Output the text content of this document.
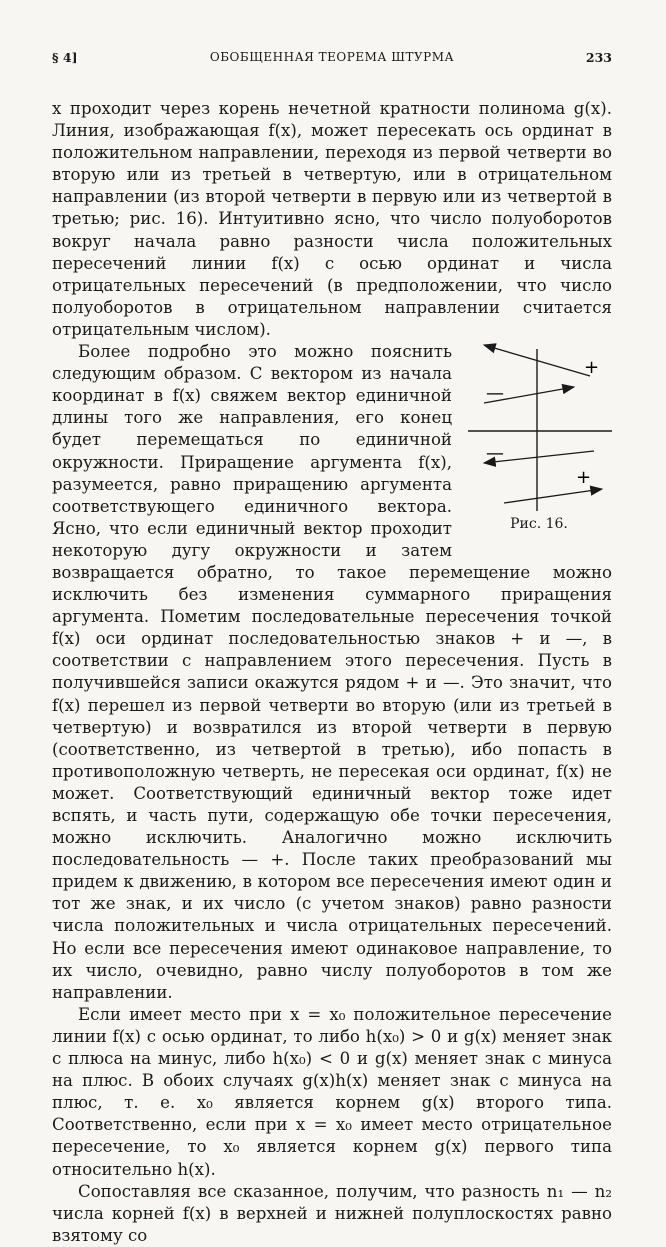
§ 4]	ОБОБЩЕННАЯ ТЕОРЕМА ШТУРМА	233

x проходит через корень нечетной кратности полинома g(x). Линия, изображающая f(x), может пересекать ось ординат в положительном направлении, переходя из первой четверти во вторую или из третьей в четвертую, или в отрицательном направлении (из второй четверти в первую или из четвертой в третью; рис. 16). Интуитивно ясно, что число полуоборотов вокруг начала равно разности числа положительных пересечений линии f(x) с осью ординат и числа отрицательных пересечений (в предположении, что число полуоборотов в отрицательном направлении считается отрицательным числом).

+
—
—
+
Рис. 16.

Более подробно это можно пояснить следующим образом. С вектором из начала координат в f(x) свяжем вектор единичной длины того же направления, его конец будет перемещаться по единичной окружности. Приращение аргумента f(x), разумеется, равно приращению аргумента соответствующего единичного вектора. Ясно, что если единичный вектор проходит некоторую дугу окружности и затем возвращается обратно, то такое перемещение можно исключить без изменения суммарного приращения аргумента. Пометим последовательные пересечения точкой f(x) оси ординат последовательностью знаков + и —, в соответствии с направлением этого пересечения. Пусть в получившейся записи окажутся рядом + и —. Это значит, что f(x) перешел из первой четверти во вторую (или из третьей в четвертую) и возвратился из второй четверти в первую (соответственно, из четвертой в третью), ибо попасть в противоположную четверть, не пересекая оси ординат, f(x) не может. Соответствующий единичный вектор тоже идет вспять, и часть пути, содержащую обе точки пересечения, можно исключить. Аналогично можно исключить последовательность — +. После таких преобразований мы придем к движению, в котором все пересечения имеют один и тот же знак, и их число (с учетом знаков) равно разности числа положительных и числа отрицательных пересечений. Но если все пересечения имеют одинаковое направление, то их число, очевидно, равно числу полуоборотов в том же направлении.

Если имеет место при x = x₀ положительное пересечение линии f(x) с осью ординат, то либо h(x₀) > 0 и g(x) меняет знак с плюса на минус, либо h(x₀) < 0 и g(x) меняет знак с минуса на плюс. В обоих случаях g(x)h(x) меняет знак с минуса на плюс, т. е. x₀ является корнем g(x) второго типа. Соответственно, если при x = x₀ имеет место отрицательное пересечение, то x₀ является корнем g(x) первого типа относительно h(x).

Сопоставляя все сказанное, получим, что разность n₁ — n₂ числа корней f(x) в верхней и нижней полуплоскостях равно взятому со
